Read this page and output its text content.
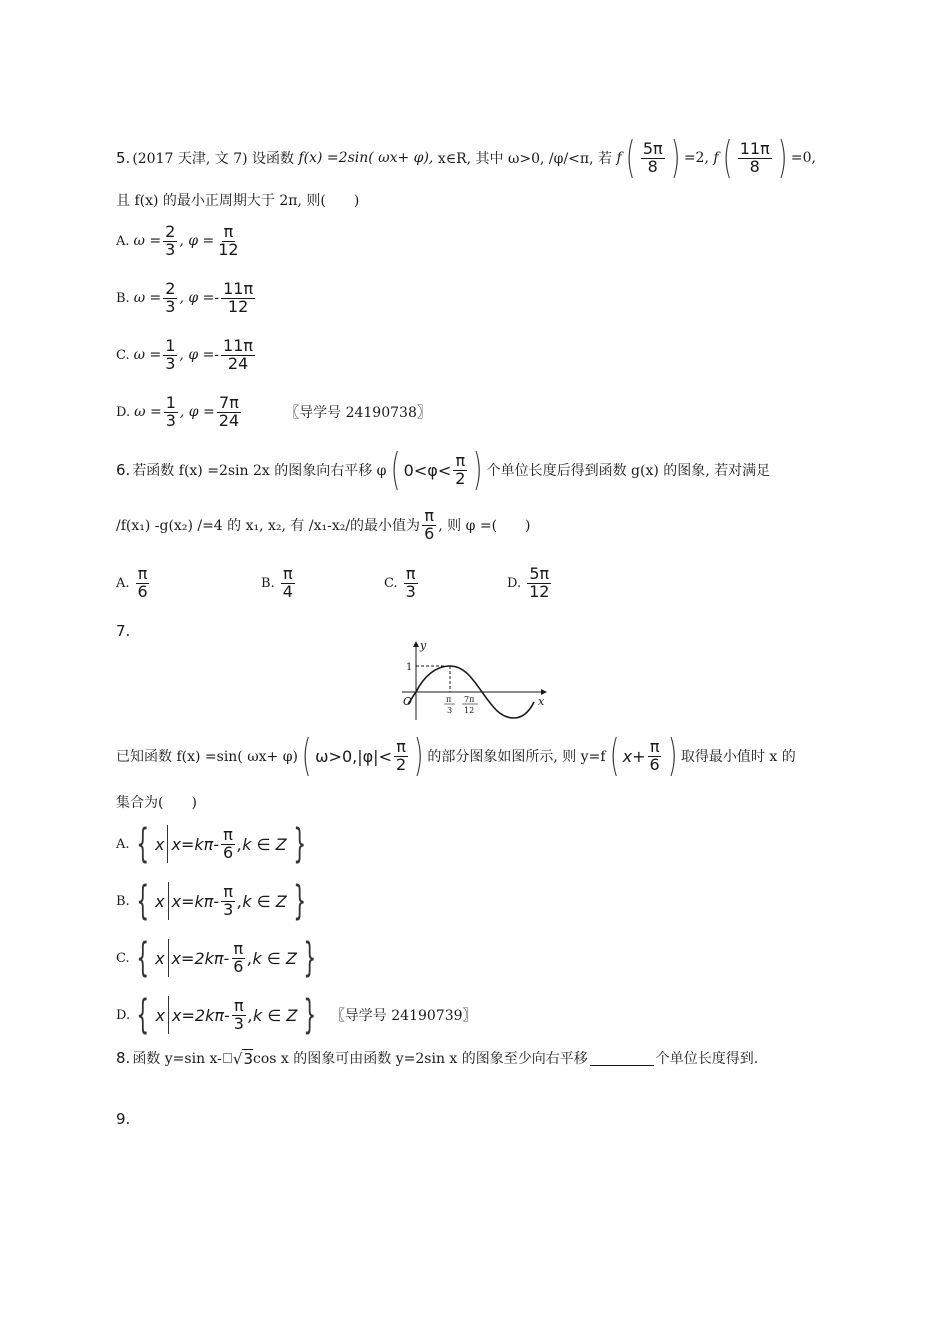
5. (2017 天津, 文 7) 设函数
f(x) =2sin( ωx+ φ),
x∈R, 其中 ω>0, /φ/<π, 若
f ( $\frac{5\pi}{8}$ ) =2,
f ( $\frac{11\pi}{8}$ ) =0,
且 f(x) 的最小正周期大于 2π, 则(　　)
A. $\omega = \frac{2}{3}$ , $\varphi = \frac{\pi}{12}$
B. $\omega = \frac{2}{3}$ , $\varphi =- \frac{11\pi}{12}$
C. $\omega = \frac{1}{3}$ , $\varphi =- \frac{11\pi}{24}$
D. $\omega = \frac{1}{3}$ , $\varphi = \frac{7\pi}{24}$	〖导学号 24190738〗
6. 若函数 f(x) =2sin 2x 的图象向右平移 φ ( $0<\varphi< \frac{\pi}{2}$ ) 个单位长度后得到函数 g(x) 的图象, 若对满足
/f(x₁) -g(x₂) /=4 的 x₁, x₂, 有 /x₁-x₂/的最小值为 $\frac{\pi}{6}$ , 则 φ =(　　)
A. $\frac{\pi}{6}$	B. $\frac{\pi}{4}$	C. $\frac{\pi}{3}$	D. $\frac{5\pi}{12}$
7.
y
x
O
1
π
3
7π
12
已知函数 f(x) =sin( ωx+ φ) ( $\omega>0,|\varphi|< \frac{\pi}{2}$ ) 的部分图象如图所示, 则 y=f ( $x+ \frac{\pi}{6}$ ) 取得最小值时 x 的
集合为(　　)
A. { x $x=k\pi- \frac{\pi}{6} ,k$ ∈ Z }
B. { x $x=k\pi- \frac{\pi}{3} ,k$ ∈ Z }
C. { x $x=2k\pi- \frac{\pi}{6} ,k$ ∈ Z }
D. { x $x=2k\pi- \frac{\pi}{3} ,k$ ∈ Z } 〖导学号 24190739〗
8. 函数 y=sin x- √ 3 cos x 的图象可由函数 y=2sin x 的图象至少向右平移	个单位长度得到.
9.
